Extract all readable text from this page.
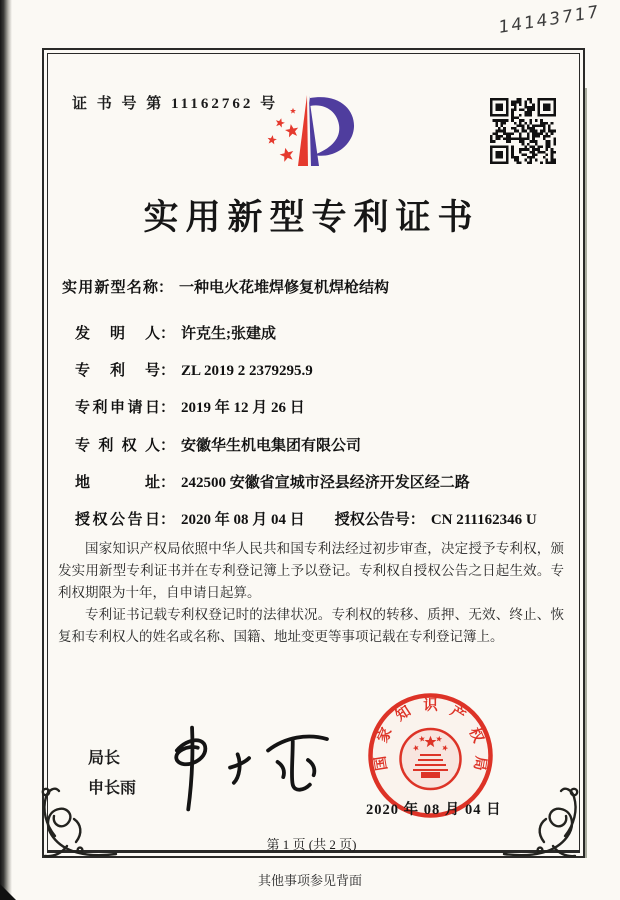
14143717
证 书 号 第 11162762 号
实用新型专利证书
实用新型名称： 一种电火花堆焊修复机焊枪结构
发明人： 许克生;张建成
专利号： ZL 2019 2 2379295.9
专利申请日： 2019 年 12 月 26 日
专利权人： 安徽华生机电集团有限公司
地址： 242500 安徽省宣城市泾县经济开发区经二路
授权公告日： 2020 年 08 月 04 日 授权公告号： CN 211162346 U

国家知识产权局依照中华人民共和国专利法经过初步审查，决定授予专利权，颁发实用新型专利证书并在专利登记簿上予以登记。专利权自授权公告之日起生效。专利权期限为十年，自申请日起算。

专利证书记载专利权登记时的法律状况。专利权的转移、质押、无效、终止、恢复和专利权人的姓名或名称、国籍、地址变更等事项记载在专利登记簿上。

局长
申长雨
国
家
知 识 产
权
局
2020 年 08 月 04 日
第 1 页 (共 2 页)
其他事项参见背面
